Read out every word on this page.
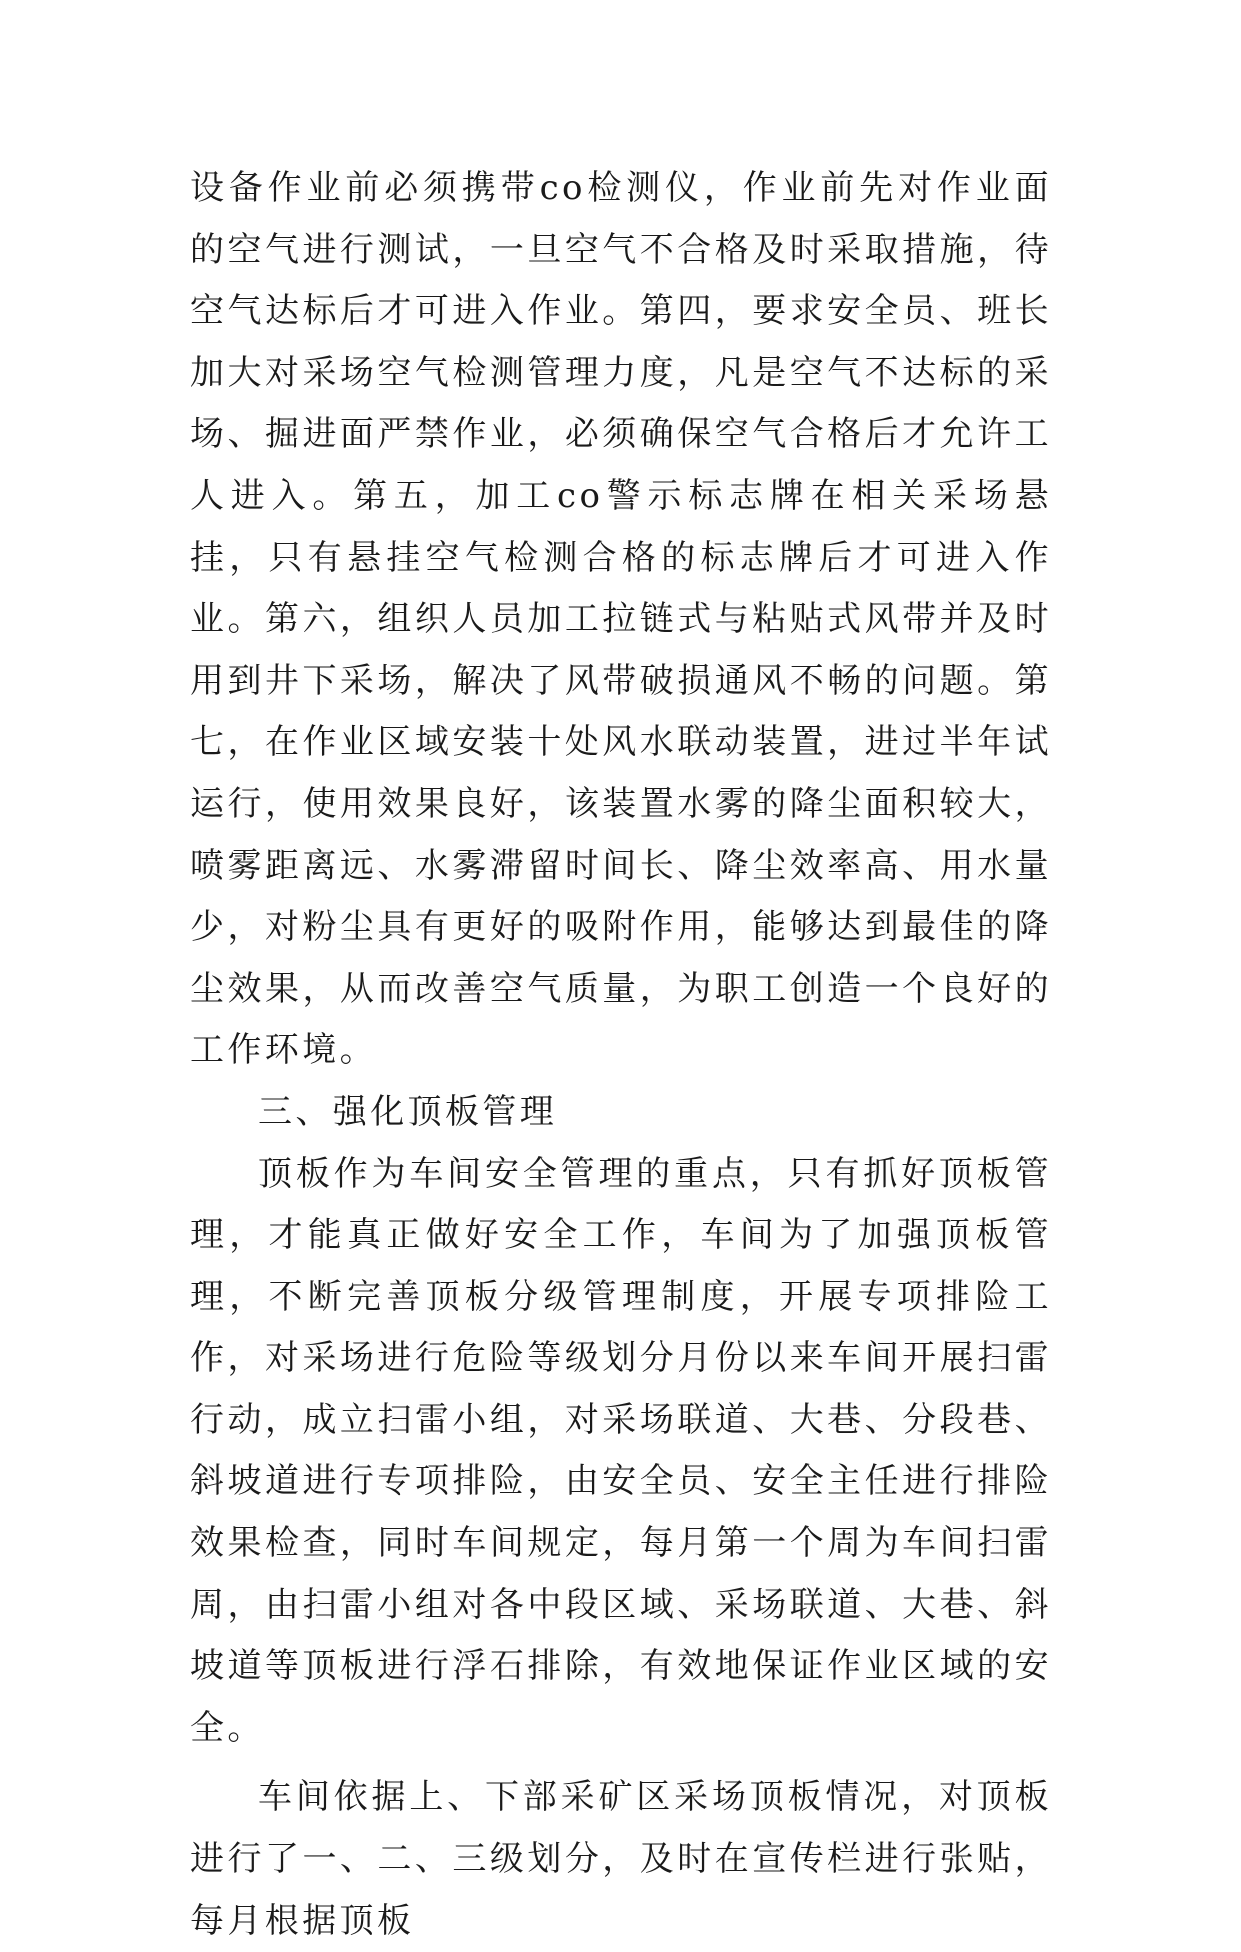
设备作业前必须携带co检测仪，作业前先对作业面的空气进行测试，一旦空气不合格及时采取措施，待空气达标后才可进入作业。第四，要求安全员、班长加大对采场空气检测管理力度，凡是空气不达标的采场、掘进面严禁作业，必须确保空气合格后才允许工人进入。第五，加工co警示标志牌在相关采场悬挂，只有悬挂空气检测合格的标志牌后才可进入作业。第六，组织人员加工拉链式与粘贴式风带并及时用到井下采场，解决了风带破损通风不畅的问题。第七，在作业区域安装十处风水联动装置，进过半年试运行，使用效果良好，该装置水雾的降尘面积较大，喷雾距离远、水雾滞留时间长、降尘效率高、用水量少，对粉尘具有更好的吸附作用，能够达到最佳的降尘效果，从而改善空气质量，为职工创造一个良好的工作环境。

三、强化顶板管理

顶板作为车间安全管理的重点，只有抓好顶板管理，才能真正做好安全工作，车间为了加强顶板管理，不断完善顶板分级管理制度，开展专项排险工作，对采场进行危险等级划分月份以来车间开展扫雷行动，成立扫雷小组，对采场联道、大巷、分段巷、斜坡道进行专项排险，由安全员、安全主任进行排险效果检查，同时车间规定，每月第一个周为车间扫雷周，由扫雷小组对各中段区域、采场联道、大巷、斜坡道等顶板进行浮石排除，有效地保证作业区域的安全。

车间依据上、下部采矿区采场顶板情况，对顶板进行了一、二、三级划分，及时在宣传栏进行张贴，每月根据顶板
